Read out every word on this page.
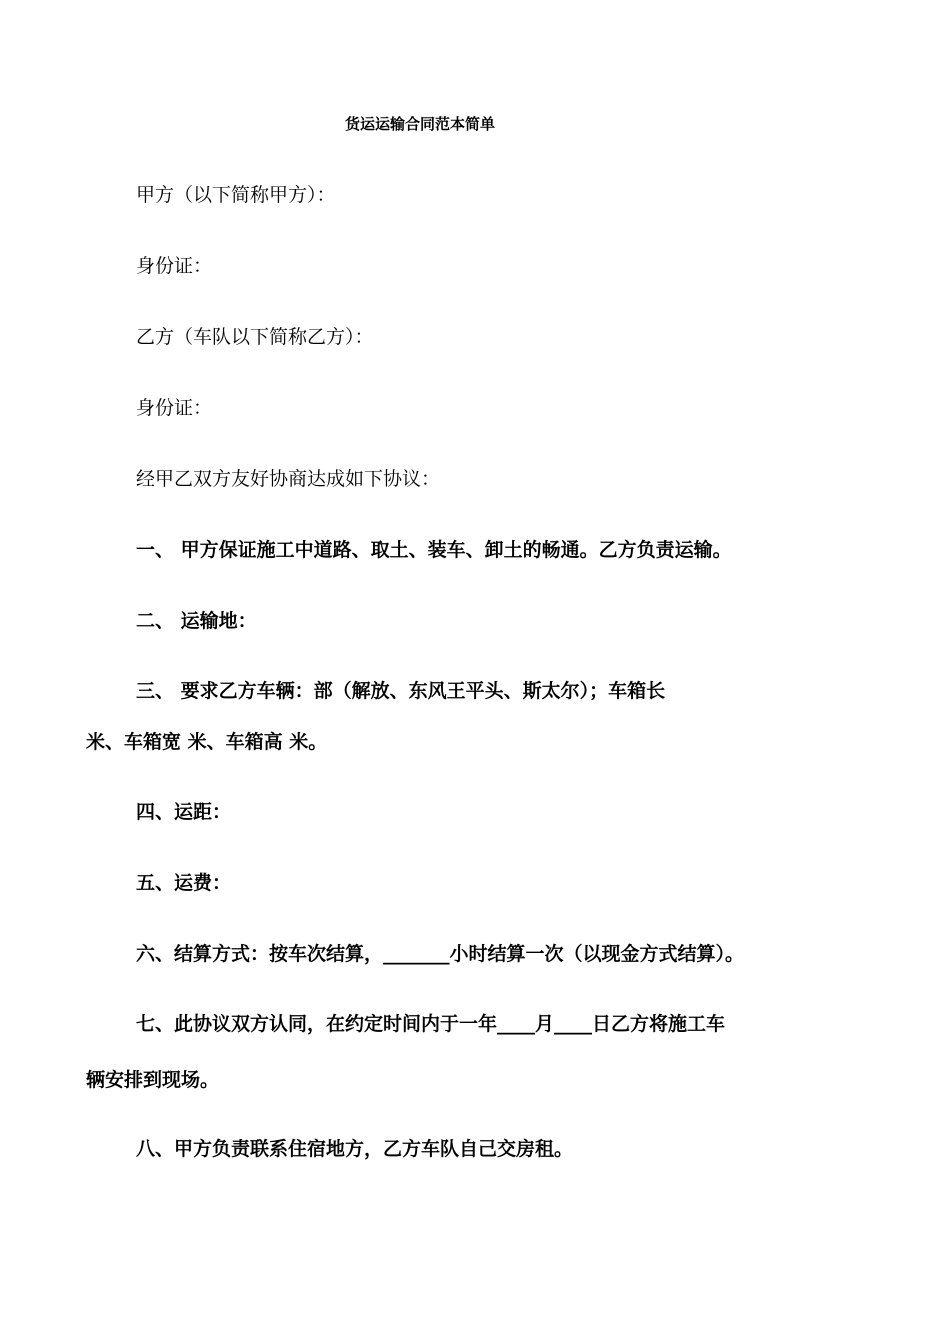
货运运输合同范本简单
甲方（以下简称甲方）：
身份证：
乙方（车队以下简称乙方）：
身份证：
经甲乙双方友好协商达成如下协议：
一、 甲方保证施工中道路、取土、装车、卸土的畅通。乙方负责运输。
二、 运输地：
三、 要求乙方车辆：部（解放、东风王平头、斯太尔）；车箱长
米、车箱宽 米、车箱高 米。
四、运距：
五、运费：
六、结算方式：按车次结算，_______小时结算一次（以现金方式结算）。
七、此协议双方认同，在约定时间内于一年____月____日乙方将施工车
辆安排到现场。
八、甲方负责联系住宿地方，乙方车队自己交房租。
